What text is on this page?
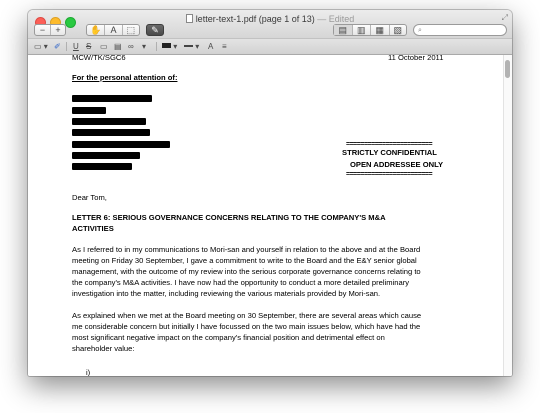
letter-text-1.pdf (page 1 of 13) — Edited	⤢
−	+	✋	A	⬚	✎	▤	▥	▦	▧	⌕
▭ ▾ ✐ U S ▭ ▤ ∞ ▾	▾	▾ A ≡
MCW/TK/SGC6	11 October 2011
For the personal attention of:
========================
STRICTLY CONFIDENTIAL
OPEN ADDRESSEE ONLY
========================
Dear Tom,
LETTER 6: SERIOUS GOVERNANCE CONCERNS RELATING TO THE COMPANY'S M&A
ACTIVITIES
As I referred to in my communications to Mori-san and yourself in relation to the above and at the Board
meeting on Friday 30 September, I gave a commitment to write to the Board and the E&Y senior global
management, with the outcome of my review into the serious corporate governance concerns relating to
the company's M&A activities. I have now had the opportunity to conduct a more detailed preliminary
investigation into the matter, including reviewing the various materials provided by Mori-san.
As explained when we met at the Board meeting on 30 September, there are several areas which cause
me considerable concern but initially I have focussed on the two main issues below, which have had the
most significant negative impact on the company's financial position and detrimental effect on
shareholder value:
i)
